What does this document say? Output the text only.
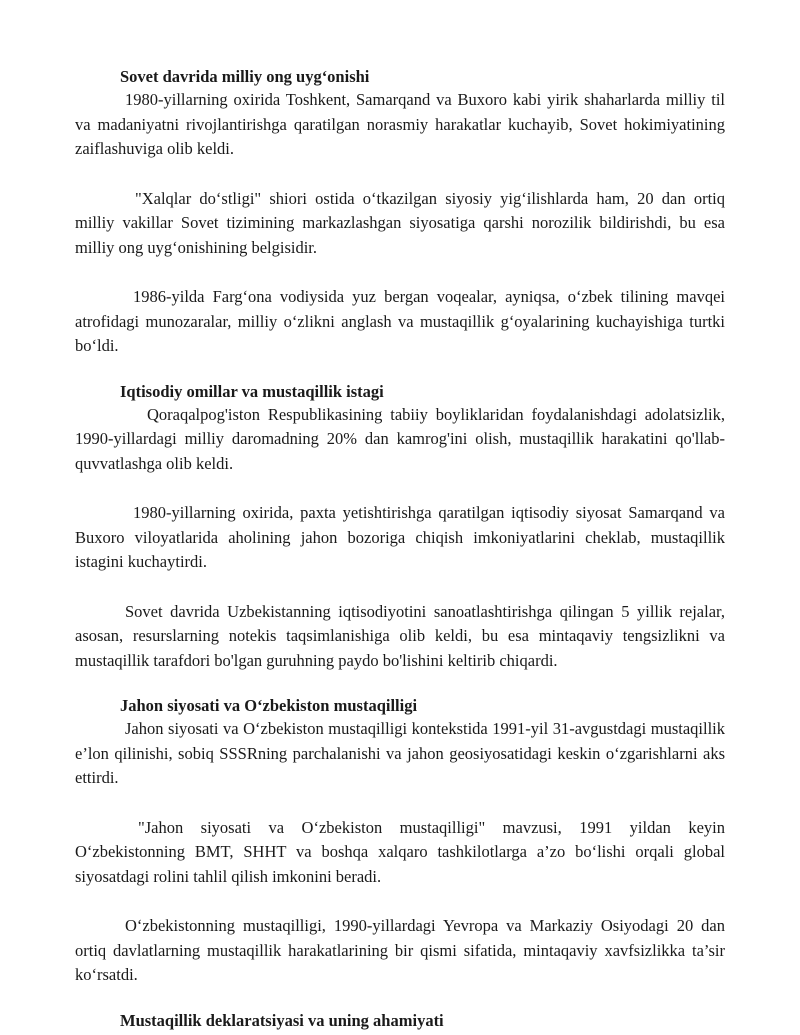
Sovet davrida milliy ong uyg‘onishi

1980-yillarning oxirida Toshkent, Samarqand va Buxoro kabi yirik shaharlarda milliy til va madaniyatni rivojlantirishga qaratilgan norasmiy harakatlar kuchayib, Sovet hokimiyatining zaiflashuviga olib keldi.

"Xalqlar do‘stligi" shiori ostida o‘tkazilgan siyosiy yig‘ilishlarda ham, 20 dan ortiq milliy vakillar Sovet tizimining markazlashgan siyosatiga qarshi norozilik bildirishdi, bu esa milliy ong uyg‘onishining belgisidir.

1986-yilda Farg‘ona vodiysida yuz bergan voqealar, ayniqsa, o‘zbek tilining mavqei atrofidagi munozaralar, milliy o‘zlikni anglash va mustaqillik g‘oyalarining kuchayishiga turtki bo‘ldi.

Iqtisodiy omillar va mustaqillik istagi

Qoraqalpog'iston Respublikasining tabiiy boyliklaridan foydalanishdagi adolatsizlik, 1990-yillardagi milliy daromadning 20% dan kamrog'ini olish, mustaqillik harakatini qo'llab-quvvatlashga olib keldi.

1980-yillarning oxirida, paxta yetishtirishga qaratilgan iqtisodiy siyosat Samarqand va Buxoro viloyatlarida aholining jahon bozoriga chiqish imkoniyatlarini cheklab, mustaqillik istagini kuchaytirdi.

Sovet davrida Uzbekistanning iqtisodiyotini sanoatlashtirishga qilingan 5 yillik rejalar, asosan, resurslarning notekis taqsimlanishiga olib keldi, bu esa mintaqaviy tengsizlikni va mustaqillik tarafdori bo'lgan guruhning paydo bo'lishini keltirib chiqardi.

Jahon siyosati va O‘zbekiston mustaqilligi

Jahon siyosati va O‘zbekiston mustaqilligi kontekstida 1991-yil 31-avgustdagi mustaqillik e’lon qilinishi, sobiq SSSRning parchalanishi va jahon geosiyosatidagi keskin o‘zgarishlarni aks ettirdi.

"Jahon siyosati va O‘zbekiston mustaqilligi" mavzusi, 1991 yildan keyin O‘zbekistonning BMT, SHHT va boshqa xalqaro tashkilotlarga a’zo bo‘lishi orqali global siyosatdagi rolini tahlil qilish imkonini beradi.

O‘zbekistonning mustaqilligi, 1990-yillardagi Yevropa va Markaziy Osiyodagi 20 dan ortiq davlatlarning mustaqillik harakatlarining bir qismi sifatida, mintaqaviy xavfsizlikka ta’sir ko‘rsatdi.

Mustaqillik deklaratsiyasi va uning ahamiyati
